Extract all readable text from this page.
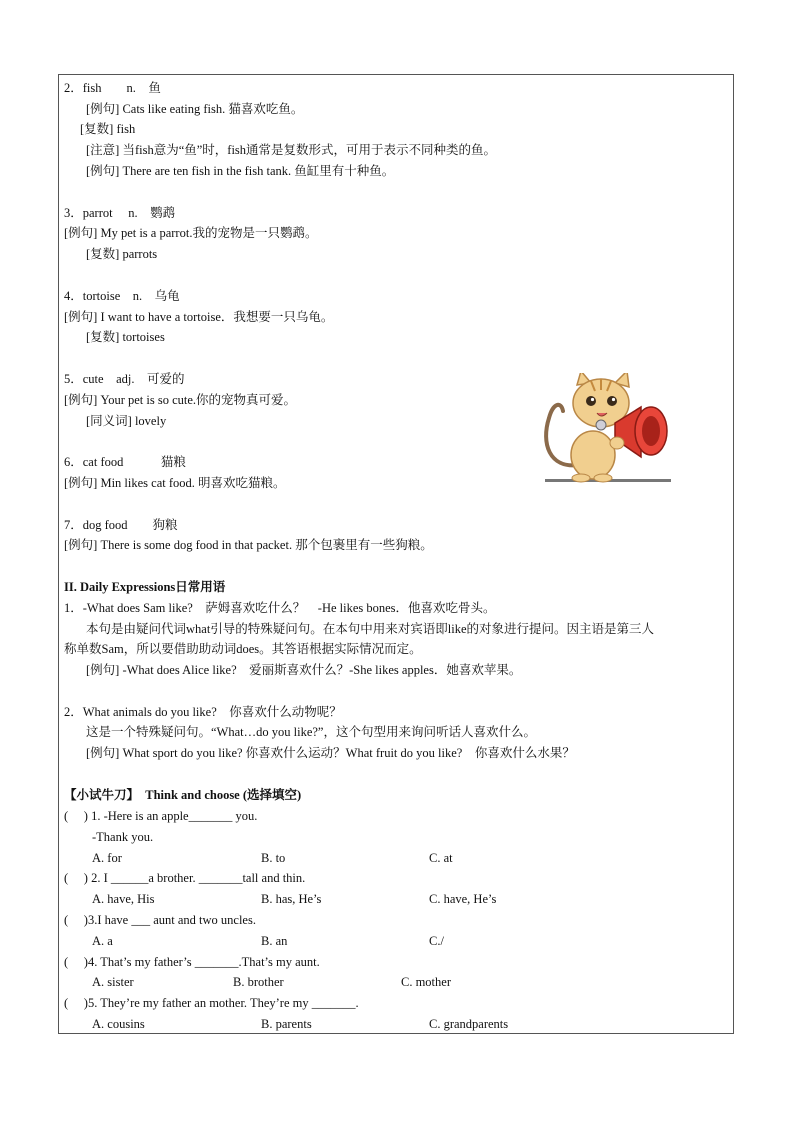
2．fish　　n.　鱼
[例句] Cats like eating fish. 猫喜欢吃鱼。
[复数] fish
[注意] 当fish意为“鱼”时，fish通常是复数形式，可用于表示不同种类的鱼。
[例句] There are ten fish in the fish tank. 鱼缸里有十种鱼。
3．parrot　 n.　鹦鹉
[例句] My pet is a parrot.我的宠物是一只鹦鹉。
[复数] parrots
4．tortoise　n.　乌龟
[例句] I want to have a tortoise．我想要一只乌龟。
[复数] tortoises
5．cute　adj.　可爱的
[例句] Your pet is so cute.你的宠物真可爱。
[同义词] lovely
6．cat food　　　猫粮
[例句] Min likes cat food. 明喜欢吃猫粮。
7．dog food　　狗粮
[例句] There is some dog food in that packet. 那个包裹里有一些狗粮。
II. Daily Expressions日常用语
1．-What does Sam like?　萨姆喜欢吃什么？　-He likes bones．他喜欢吃骨头。
本句是由疑问代词what引导的特殊疑问句。在本句中用来对宾语即like的对象进行提问。因主语是第三人
称单数Sam，所以要借助助动词does。其答语根据实际情况而定。
[例句] -What does Alice like?　爱丽斯喜欢什么？-She likes apples．她喜欢苹果。
2．What animals do you like?　你喜欢什么动物呢？
这是一个特殊疑问句。“What…do you like?”，这个句型用来询问听话人喜欢什么。
[例句] What sport do you like? 你喜欢什么运动？What fruit do you like?　你喜欢什么水果？
【小试牛刀】　Think and choose (选择填空)
(　 ) 1. -Here is an apple_______ you.
-Thank you.
A. for	B. to	C. at
(　 ) 2. I ______a brother. _______tall and thin.
A. have, His	B. has, He’s	C. have, He’s
(　 )3.I have ___ aunt and two uncles.
A. a	B. an	C./
(　 )4. That’s my father’s _______.That’s my aunt.
A. sister	B. brother	C. mother
(　 )5. They’re my father an mother. They’re my _______.
A. cousins	B. parents	C. grandparents
